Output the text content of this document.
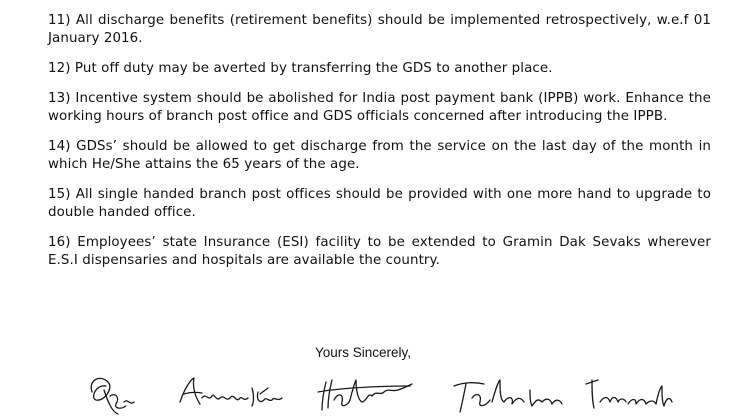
11) All discharge benefits (retirement benefits) should be implemented retrospectively, w.e.f 01 January 2016.

12) Put off duty may be averted by transferring the GDS to another place.

13) Incentive system should be abolished for India post payment bank (IPPB) work. Enhance the working hours of branch post office and GDS officials concerned after introducing the IPPB.

14) GDSs’ should be allowed to get discharge from the service on the last day of the month in which He/She attains the 65 years of the age.

15) All single handed branch post offices should be provided with one more hand to upgrade to double handed office.

16) Employees’ state Insurance (ESI) facility to be extended to Gramin Dak Sevaks wherever E.S.I dispensaries and hospitals are available the country.

Yours Sincerely,
